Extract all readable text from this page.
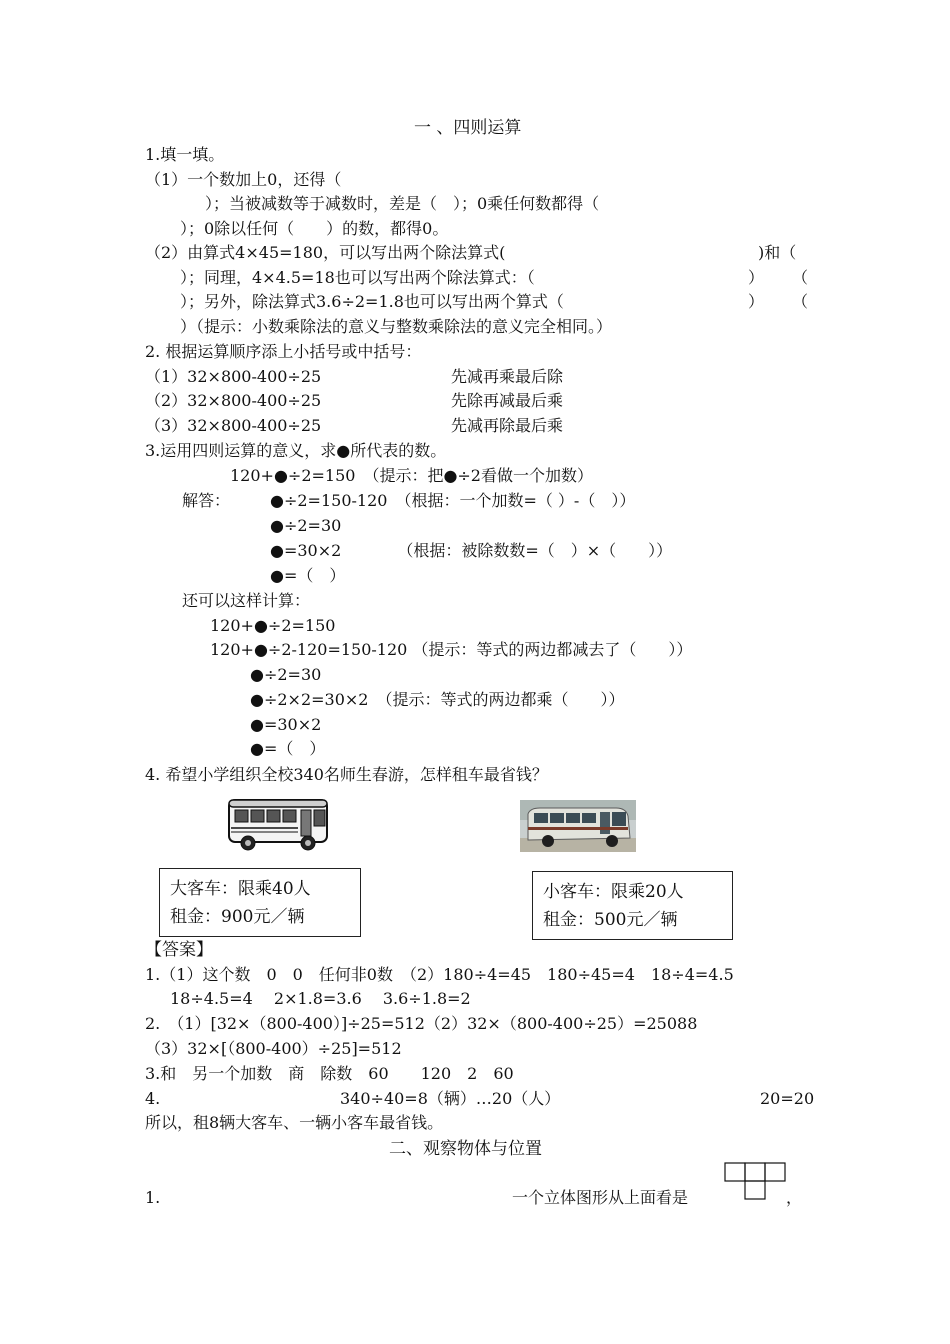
一 、四则运算
1.填一填。
（1）一个数加上0，还得（
）；当被减数等于减数时，差是（　）；0乘任何数都得（
）；0除以任何（　　）的数，都得0。
（2）由算式4×45=180，可以写出两个除法算式(	)和（
）；同理，4×4.5=18也可以写出两个除法算式：（	） （
）；另外，除法算式3.6÷2=1.8也可以写出两个算式（	） （
）（提示：小数乘除法的意义与整数乘除法的意义完全相同。）
2. 根据运算顺序添上小括号或中括号：
（1）32×800-400÷25	先减再乘最后除
（2）32×800-400÷25	先除再减最后乘
（3）32×800-400÷25	先减再除最后乘
3.运用四则运算的意义，求●所代表的数。
120+●÷2=150　（提示：把●÷2看做一个加数）
解答： ●÷2=150-120　（根据：一个加数=（ ）-（　））
●÷2=30
●=30×2　　　　（根据：被除数数=（　）×（　　））
●=（　）
还可以这样计算：
120+●÷2=150
120+●÷2-120=150-120 （提示：等式的两边都减去了（　　））
●÷2=30
●÷2×2=30×2　（提示：等式的两边都乘（　　））
●=30×2
●=（　）
4. 希望小学组织全校340名师生春游，怎样租车最省钱？
大客车：限乘40人
租金：900元／辆
小客车：限乘20人
租金：500元／辆
【答案】
1.（1）这个数　0　0　任何非0数　（2）180÷4=45　180÷45=4　18÷4=4.5
18÷4.5=4　 2×1.8=3.6　 3.6÷1.8=2
2.　（1）[32×（800-400）]÷25=512（2）32×（800-400÷25）=25088
（3）32×[（800-400）÷25]=512
3.和　另一个加数　商　除数　60　　120　2　60
4.	340÷40=8（辆）…20（人）	20=20
所以，租8辆大客车、一辆小客车最省钱。
二、观察物体与位置
1.	一个立体图形从上面看是	，
